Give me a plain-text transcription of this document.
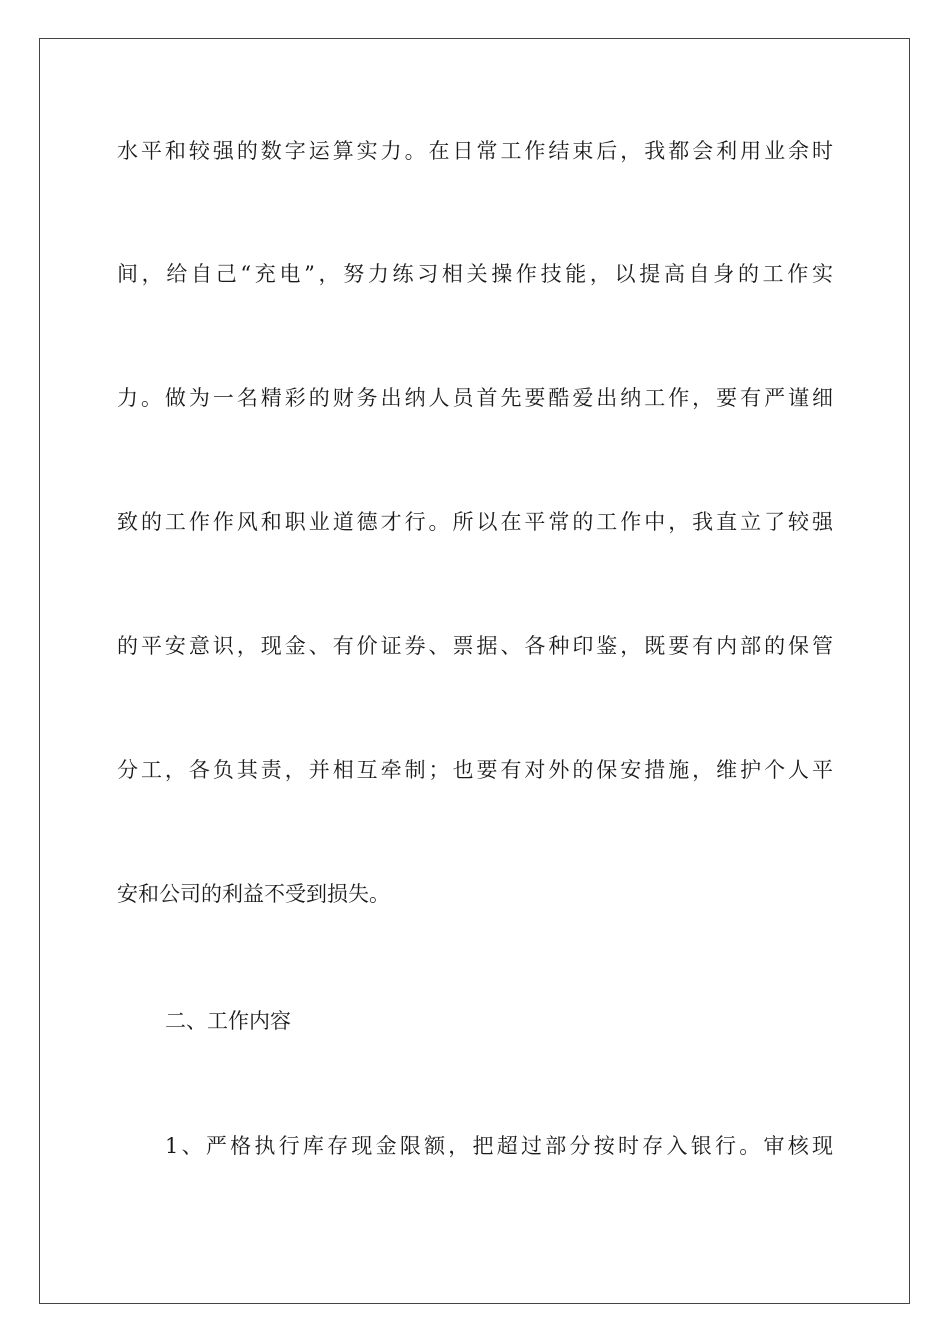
水平和较强的数字运算实力。在日常工作结束后，我都会利用业余时
间，给自己“充电”，努力练习相关操作技能，以提高自身的工作实
力。做为一名精彩的财务出纳人员首先要酷爱出纳工作，要有严谨细
致的工作作风和职业道德才行。所以在平常的工作中，我直立了较强
的平安意识，现金、有价证券、票据、各种印鉴，既要有内部的保管
分工，各负其责，并相互牵制；也要有对外的保安措施，维护个人平
安和公司的利益不受到损失。
二、工作内容
1、严格执行库存现金限额，把超过部分按时存入银行。审核现
